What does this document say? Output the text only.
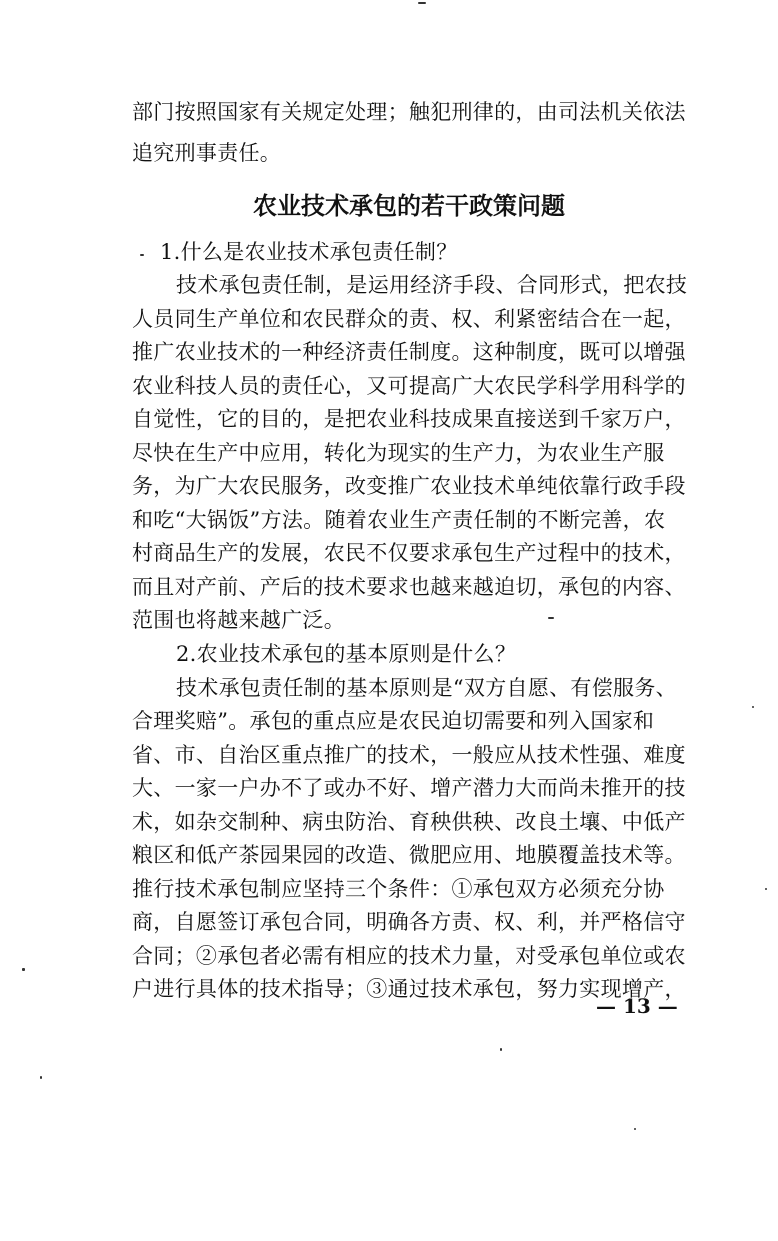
部门按照国家有关规定处理；触犯刑律的，由司法机关依法
追究刑事责任。
农业技术承包的若干政策问题
1.什么是农业技术承包责任制？
技术承包责任制，是运用经济手段、合同形式，把农技
人员同生产单位和农民群众的责、权、利紧密结合在一起，
推广农业技术的一种经济责任制度。这种制度，既可以增强
农业科技人员的责任心，又可提高广大农民学科学用科学的
自觉性，它的目的，是把农业科技成果直接送到千家万户，
尽快在生产中应用，转化为现实的生产力，为农业生产服
务，为广大农民服务，改变推广农业技术单纯依靠行政手段
和吃“大锅饭”方法。随着农业生产责任制的不断完善，农
村商品生产的发展，农民不仅要求承包生产过程中的技术，
而且对产前、产后的技术要求也越来越迫切，承包的内容、
范围也将越来越广泛。
2.农业技术承包的基本原则是什么？
技术承包责任制的基本原则是“双方自愿、有偿服务、
合理奖赔”。承包的重点应是农民迫切需要和列入国家和
省、市、自治区重点推广的技术，一般应从技术性强、难度
大、一家一户办不了或办不好、增产潜力大而尚未推开的技
术，如杂交制种、病虫防治、育秧供秧、改良土壤、中低产
粮区和低产茶园果园的改造、微肥应用、地膜覆盖技术等。
推行技术承包制应坚持三个条件：①承包双方必须充分协
商，自愿签订承包合同，明确各方责、权、利，并严格信守
合同；②承包者必需有相应的技术力量，对受承包单位或农
户进行具体的技术指导；③通过技术承包，努力实现增产，
— 13 —
